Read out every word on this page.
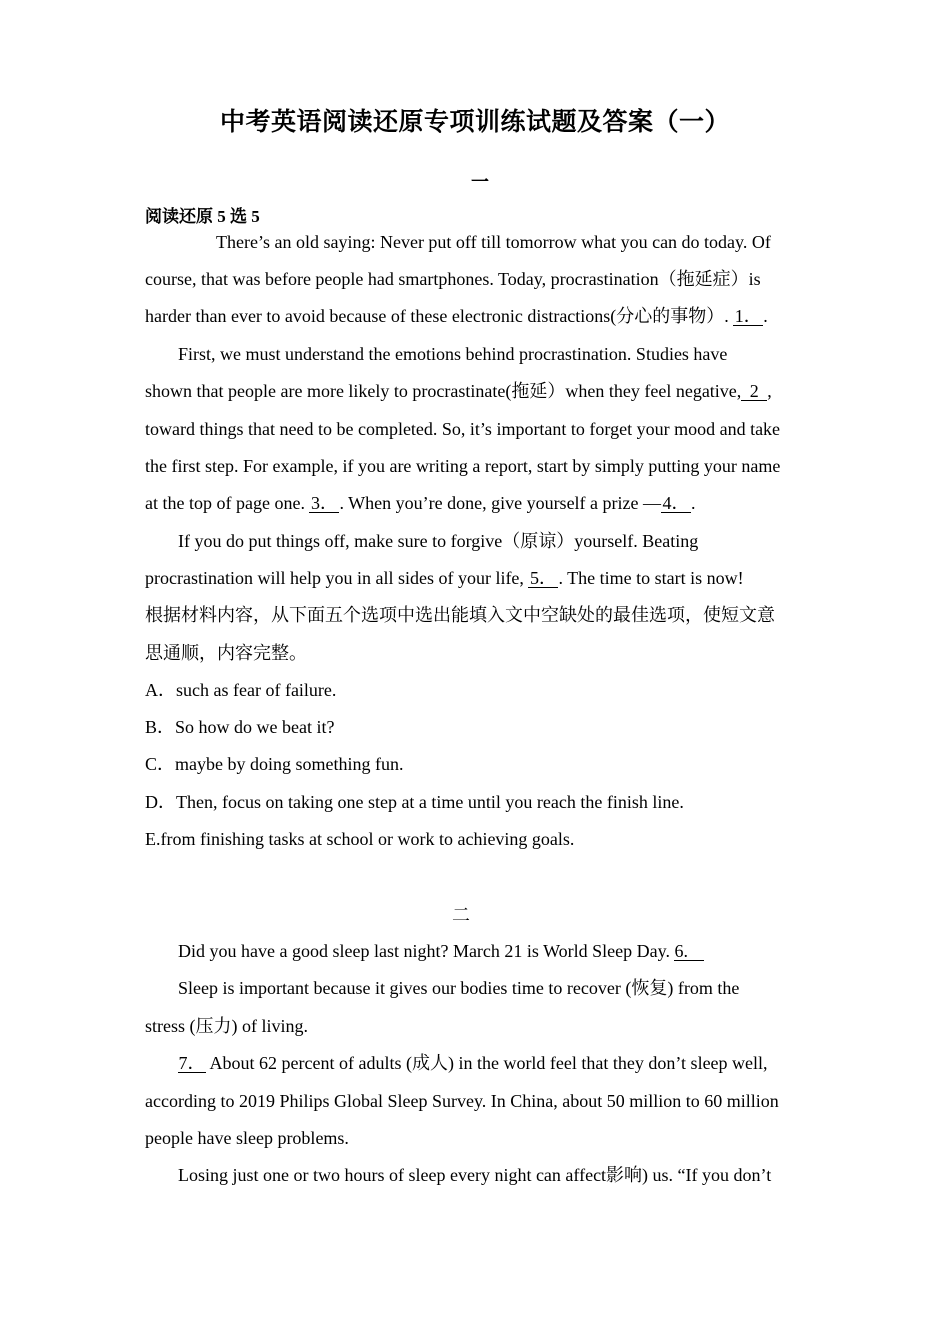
中考英语阅读还原专项训练试题及答案（一）
一
阅读还原 5 选 5
There’s an old saying: Never put off till tomorrow what you can do today. Of
course, that was before people had smartphones. Today, procrastination（拖延症）is
harder than ever to avoid because of these electronic distractions(分心的事物）. 1．.
First, we must understand the emotions behind procrastination. Studies have
shown that people are more likely to procrastinate(拖延）when they feel negative, 2 ,
toward things that need to be completed. So, it’s important to forget your mood and take
the first step. For example, if you are writing a report, start by simply putting your name
at the top of page one. 3．. When you’re done, give yourself a prize —4．.
If you do put things off, make sure to forgive（原谅）yourself. Beating
procrastination will help you in all sides of your life, 5．. The time to start is now!
根据材料内容，从下面五个选项中选出能填入文中空缺处的最佳选项，使短文意
思通顺，内容完整。
A．such as fear of failure.
B．So how do we beat it?
C．maybe by doing something fun.
D．Then, focus on taking one step at a time until you reach the finish line.
E.from finishing tasks at school or work to achieving goals.
二
Did you have a good sleep last night? March 21 is World Sleep Day. 6.
Sleep is important because it gives our bodies time to recover (恢复) from the
stress (压力) of living.
7． About 62 percent of adults (成人) in the world feel that they don’t sleep well,
according to 2019 Philips Global Sleep Survey. In China, about 50 million to 60 million
people have sleep problems.
Losing just one or two hours of sleep every night can affect影响) us. “If you don’t
